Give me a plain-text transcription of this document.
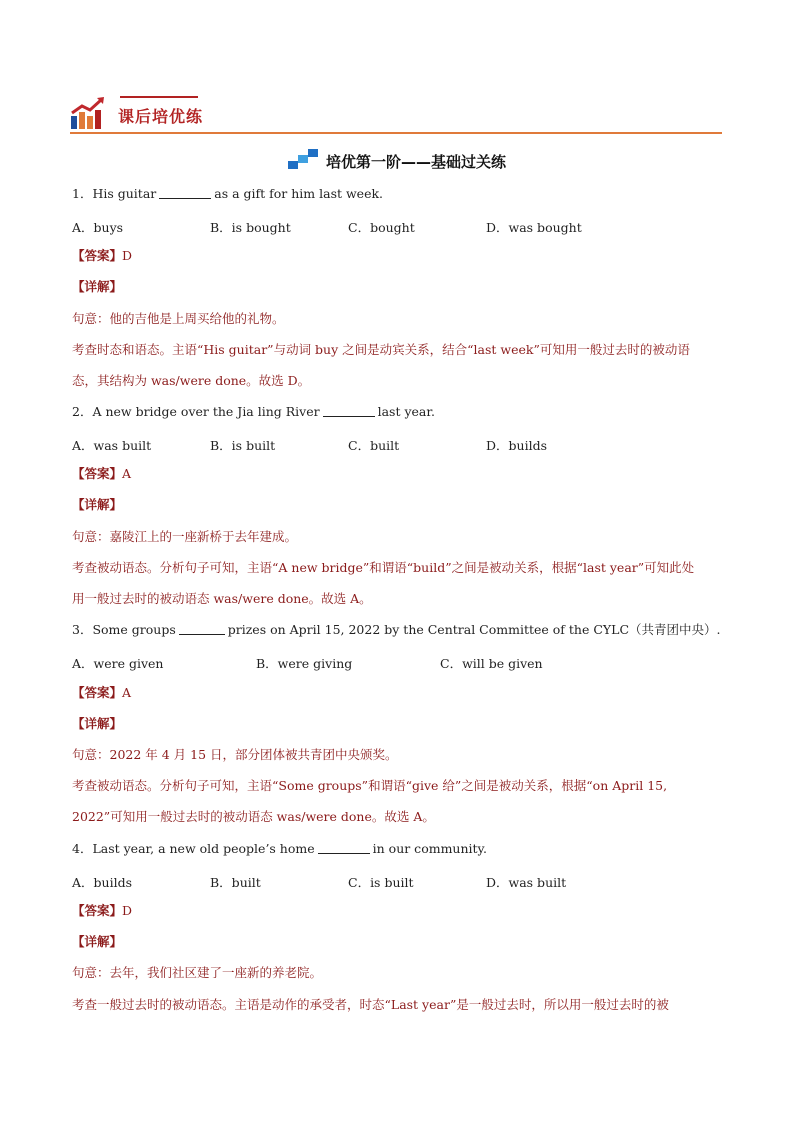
课后培优练
培优第一阶——基础过关练
1．His guitar	as a gift for him last week.
A．buys	B．is bought	C．bought	D．was bought
【答案】D
【详解】
句意：他的吉他是上周买给他的礼物。
考查时态和语态。主语“His guitar”与动词 buy 之间是动宾关系，结合“last week”可知用一般过去时的被动语
态，其结构为 was/were done。故选 D。
2．A new bridge over the Jia ling River	last year.
A．was built	B．is built	C．built	D．builds
【答案】A
【详解】
句意：嘉陵江上的一座新桥于去年建成。
考查被动语态。分析句子可知，主语“A new bridge”和谓语“build”之间是被动关系，根据“last year”可知此处
用一般过去时的被动语态 was/were done。故选 A。
3．Some groups	prizes on April 15, 2022 by the Central Committee of the CYLC（共青团中央）.
A．were given	B．were giving	C．will be given
【答案】A
【详解】
句意：2022 年 4 月 15 日，部分团体被共青团中央颁奖。
考查被动语态。分析句子可知，主语“Some groups”和谓语“give 给”之间是被动关系，根据“on April 15,
2022”可知用一般过去时的被动语态 was/were done。故选 A。
4．Last year, a new old people’s home	in our community.
A．builds	B．built	C．is built	D．was built
【答案】D
【详解】
句意：去年，我们社区建了一座新的养老院。
考查一般过去时的被动语态。主语是动作的承受者，时态“Last year”是一般过去时，所以用一般过去时的被
